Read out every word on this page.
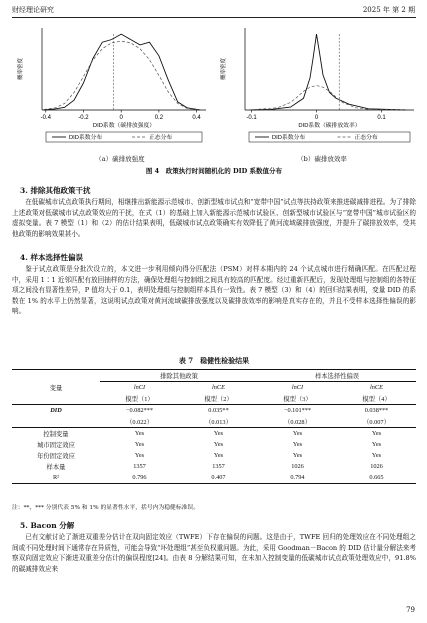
财经理论研究	2025 年 第 2 期
概率密度
-0.4	-0.2	0	0.2	0.4
DID系数（碳排放强度）
DID系数分布	正态分布
概率密度
-0.1	0	0.1
DID系数（碳排放效率）
DID系数分布	正态分布
（a）碳排放强度	（b）碳排放效率
图 4　政策执行时间随机化的 DID 系数值分布
3. 排除其他政策干扰
在低碳城市试点政策执行期间，相继推出新能源示范城市、创新型城市试点和“宽带中国”试点等扶持政策来推进碳减排进程。为了排除上述政策对低碳城市试点政策效应的干扰，在式（1）的基础上加入新能源示范城市试验区、创新型城市试验区与“宽带中国”城市试验区的虚拟变量。表 7 模型（1）和（2）的估计结果表明，低碳城市试点政策确实有效降低了黄河流域碳排放强度，并提升了碳排放效率，受其他政策的影响效果甚小。
4. 样本选择性偏误
鉴于试点政策是分批次设立的，本文进一步利用倾向得分匹配法（PSM）对样本期内的 24 个试点城市进行精确匹配。在匹配过程中，采用 1∶1 近邻匹配有放回抽样的方法，确保处理组与控制组之间具有较高的匹配度。经过重新匹配后，发现处理组与控制组的各特征项之间没有显著性差异，P 值均大于 0.1，表明处理组与控制组样本具有一致性。表 7 模型（3）和（4）的回归结果表明，变量 DID 的系数在 1% 的水平上仍然显著，这说明试点政策对黄河流域碳排放强度以及碳排放效率的影响是真实存在的，并且不受样本选择性偏误的影响。
表 7　稳健性检验结果
变量	排除其他政策		样本选择性偏误	
	lnCI	lnCE	lnCI	lnCE
	模型（1）	模型（2）	模型（3）	模型（4）
DID	−0.082***	0.035**	−0.101***	0.038***
	（0.022）	（0.013）	（0.028）	（0.007）
控制变量	Yes	Yes	Yes	Yes
城市固定效应	Yes	Yes	Yes	Yes
年份固定效应	Yes	Yes	Yes	Yes
样本量	1357	1357	1026	1026
R²	0.796	0.407	0.794	0.665
注：**、*** 分别代表 5% 和 1% 的显著性水平，括号内为稳健标准误。
5. Bacon 分解
已有文献讨论了渐进双重差分估计在双向固定效应（TWFE）下存在偏误的问题。这是由于，TWFE 回归的处理效应在不同处理组之间或不同处理时间下通常存在异质性，可能会导致“坏处理组”甚至负权重问题。为此，采用 Goodman－Bacon 的 DID 估计量分解法来考察双向固定效应下渐进双重差分估计的偏误程度[24]。由表 8 分解结果可知，在未加入控制变量的低碳城市试点政策处理效应中，91.8% 的碳减排效应来
79
